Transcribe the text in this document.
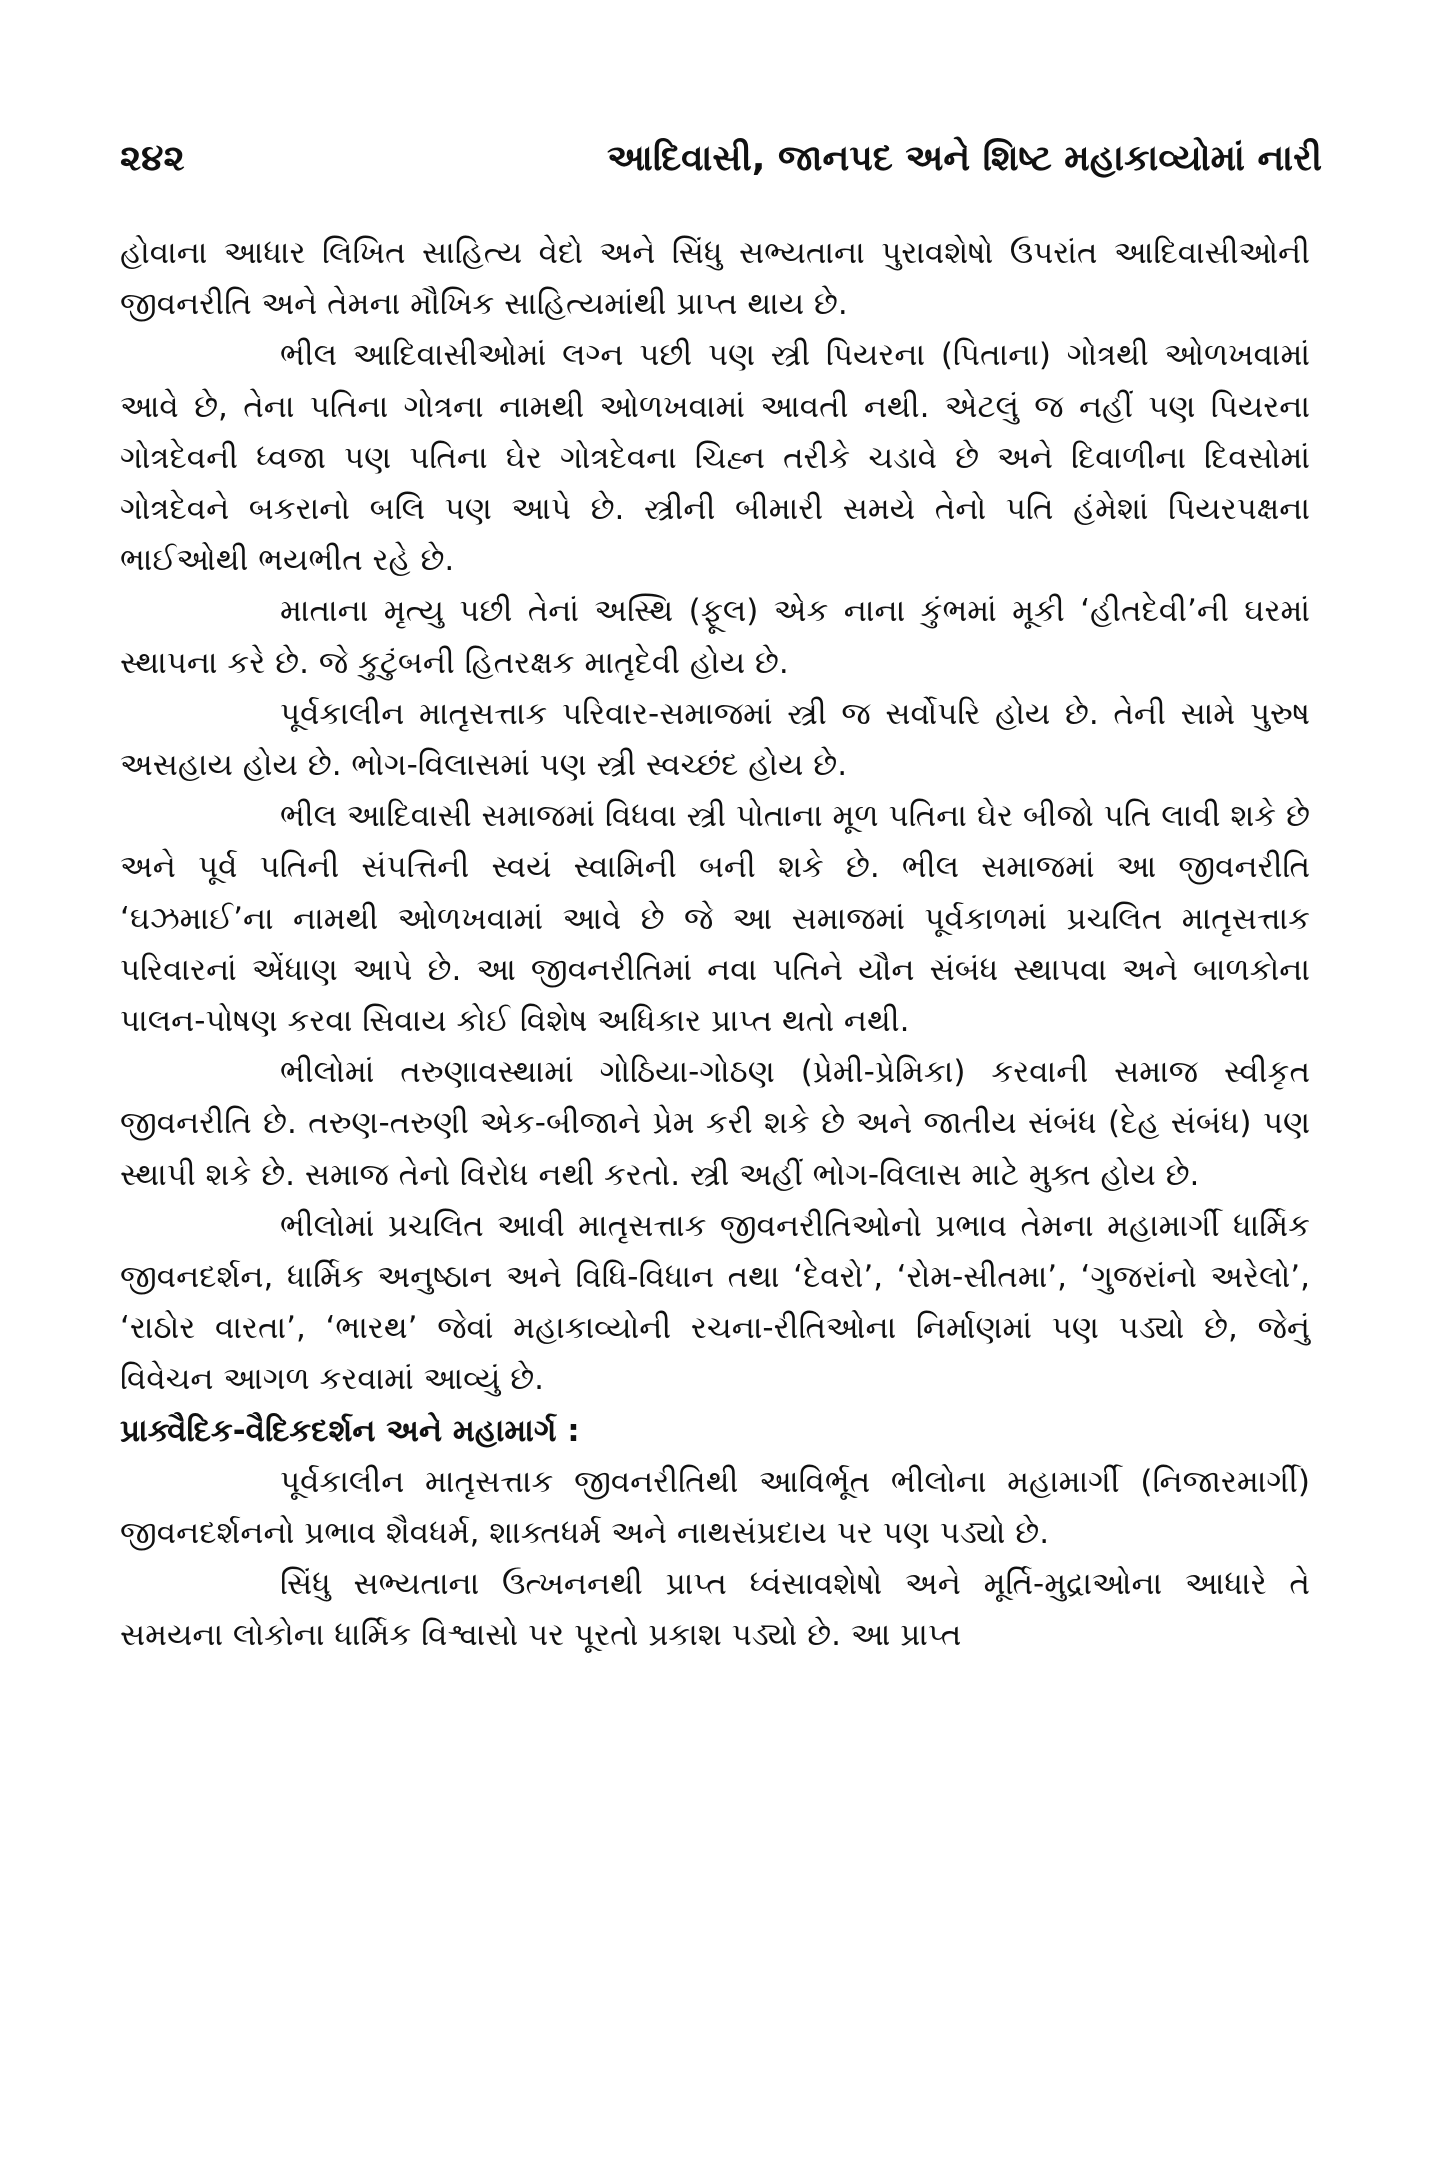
૨૪૨	આદિવાસી, જાનપદ અને શિષ્ટ મહાકાવ્યોમાં નારી

હોવાના આધાર લિખિત સાહિત્ય વેદો અને સિંધુ સભ્યતાના પુરાવશેષો ઉપરાંત આદિવાસીઓની જીવનરીતિ અને તેમના મૌખિક સાહિત્યમાંથી પ્રાપ્ત થાય છે.

ભીલ આદિવાસીઓમાં લગ્ન પછી પણ સ્ત્રી પિયરના (પિતાના) ગોત્રથી ઓળખવામાં આવે છે, તેના પતિના ગોત્રના નામથી ઓળખવામાં આવતી નથી. એટલું જ નહીં પણ પિયરના ગોત્રદેવની ધ્વજા પણ પતિના ઘેર ગોત્રદેવના ચિહ્ન તરીકે ચડાવે છે અને દિવાળીના દિવસોમાં ગોત્રદેવને બકરાનો બલિ પણ આપે છે. સ્ત્રીની બીમારી સમયે તેનો પતિ હંમેશાં પિયરપક્ષના ભાઈઓથી ભયભીત રહે છે.

માતાના મૃત્યુ પછી તેનાં અસ્થિ (ફૂલ) એક નાના કુંભમાં મૂકી ‘હીતદેવી’ની ઘરમાં સ્થાપના કરે છે. જે કુટુંબની હિતરક્ષક માતૃદેવી હોય છે.

પૂર્વકાલીન માતૃસત્તાક પરિવાર-સમાજમાં સ્ત્રી જ સર્વોપરિ હોય છે. તેની સામે પુરુષ અસહાય હોય છે. ભોગ-વિલાસમાં પણ સ્ત્રી સ્વચ્છંદ હોય છે.

ભીલ આદિવાસી સમાજમાં વિધવા સ્ત્રી પોતાના મૂળ પતિના ઘેર બીજો પતિ લાવી શકે છે અને પૂર્વ પતિની સંપત્તિની સ્વયં સ્વામિની બની શકે છે. ભીલ સમાજમાં આ જીવનરીતિ ‘ઘઝમાઈ’ના નામથી ઓળખવામાં આવે છે જે આ સમાજમાં પૂર્વકાળમાં પ્રચલિત માતૃસત્તાક પરિવારનાં એંધાણ આપે છે. આ જીવનરીતિમાં નવા પતિને યૌન સંબંધ સ્થાપવા અને બાળકોના પાલન-પોષણ કરવા સિવાય કોઈ વિશેષ અધિકાર પ્રાપ્ત થતો નથી.

ભીલોમાં તરુણાવસ્થામાં ગોઠિયા-ગોઠણ (પ્રેમી-પ્રેમિકા) કરવાની સમાજ સ્વીકૃત જીવનરીતિ છે. તરુણ-તરુણી એક-બીજાને પ્રેમ કરી શકે છે અને જાતીય સંબંધ (દેહ સંબંધ) પણ સ્થાપી શકે છે. સમાજ તેનો વિરોધ નથી કરતો. સ્ત્રી અહીં ભોગ-વિલાસ માટે મુક્ત હોય છે.

ભીલોમાં પ્રચલિત આવી માતૃસત્તાક જીવનરીતિઓનો પ્રભાવ તેમના મહામાર્ગી ધાર્મિક જીવનદર્શન, ધાર્મિક અનુષ્ઠાન અને વિધિ-વિધાન તથા ‘દેવરો’, ‘રોમ-સીતમા’, ‘ગુજરાંનો અરેલો’, ‘રાઠોર વારતા’, ‘ભારથ’ જેવાં મહાકાવ્યોની રચના-રીતિઓના નિર્માણમાં પણ પડ્યો છે, જેનું વિવેચન આગળ કરવામાં આવ્યું છે.

પ્રાક્વૈદિક-વૈદિકદર્શન અને મહામાર્ગ :

પૂર્વકાલીન માતૃસત્તાક જીવનરીતિથી આવિર્ભૂત ભીલોના મહામાર્ગી (નિજારમાર્ગી) જીવનદર્શનનો પ્રભાવ શૈવધર્મ, શાક્તધર્મ અને નાથસંપ્રદાય પર પણ પડ્યો છે.

સિંધુ સભ્યતાના ઉત્ખનનથી પ્રાપ્ત ધ્વંસાવશેષો અને મૂર્તિ-મુદ્રાઓના આધારે તે સમયના લોકોના ધાર્મિક વિશ્વાસો પર પૂરતો પ્રકાશ પડ્યો છે. આ પ્રાપ્ત
